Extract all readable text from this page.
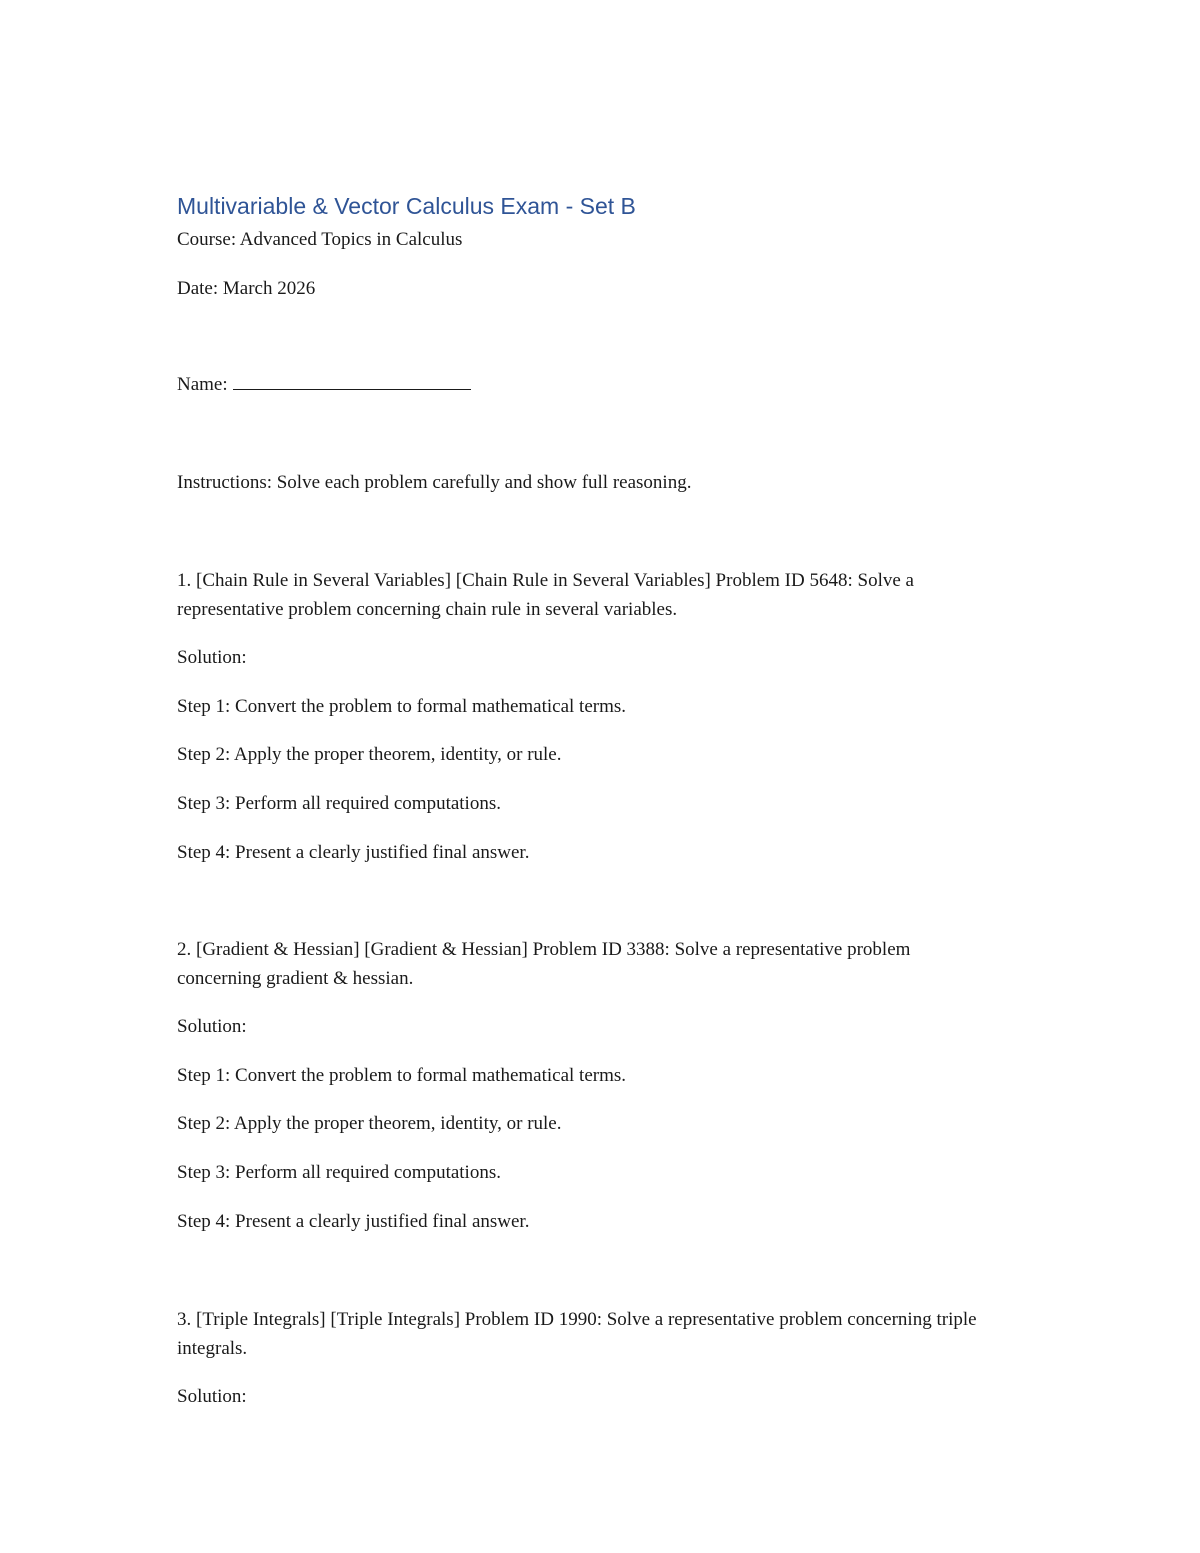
Multivariable & Vector Calculus Exam - Set B

Course: Advanced Topics in Calculus

Date: March 2026

Name:

Instructions: Solve each problem carefully and show full reasoning.

1. [Chain Rule in Several Variables] [Chain Rule in Several Variables] Problem ID 5648: Solve a representative problem concerning chain rule in several variables.

Solution:

Step 1: Convert the problem to formal mathematical terms.

Step 2: Apply the proper theorem, identity, or rule.

Step 3: Perform all required computations.

Step 4: Present a clearly justified final answer.

2. [Gradient & Hessian] [Gradient & Hessian] Problem ID 3388: Solve a representative problem concerning gradient & hessian.

Solution:

Step 1: Convert the problem to formal mathematical terms.

Step 2: Apply the proper theorem, identity, or rule.

Step 3: Perform all required computations.

Step 4: Present a clearly justified final answer.

3. [Triple Integrals] [Triple Integrals] Problem ID 1990: Solve a representative problem concerning triple integrals.

Solution:
